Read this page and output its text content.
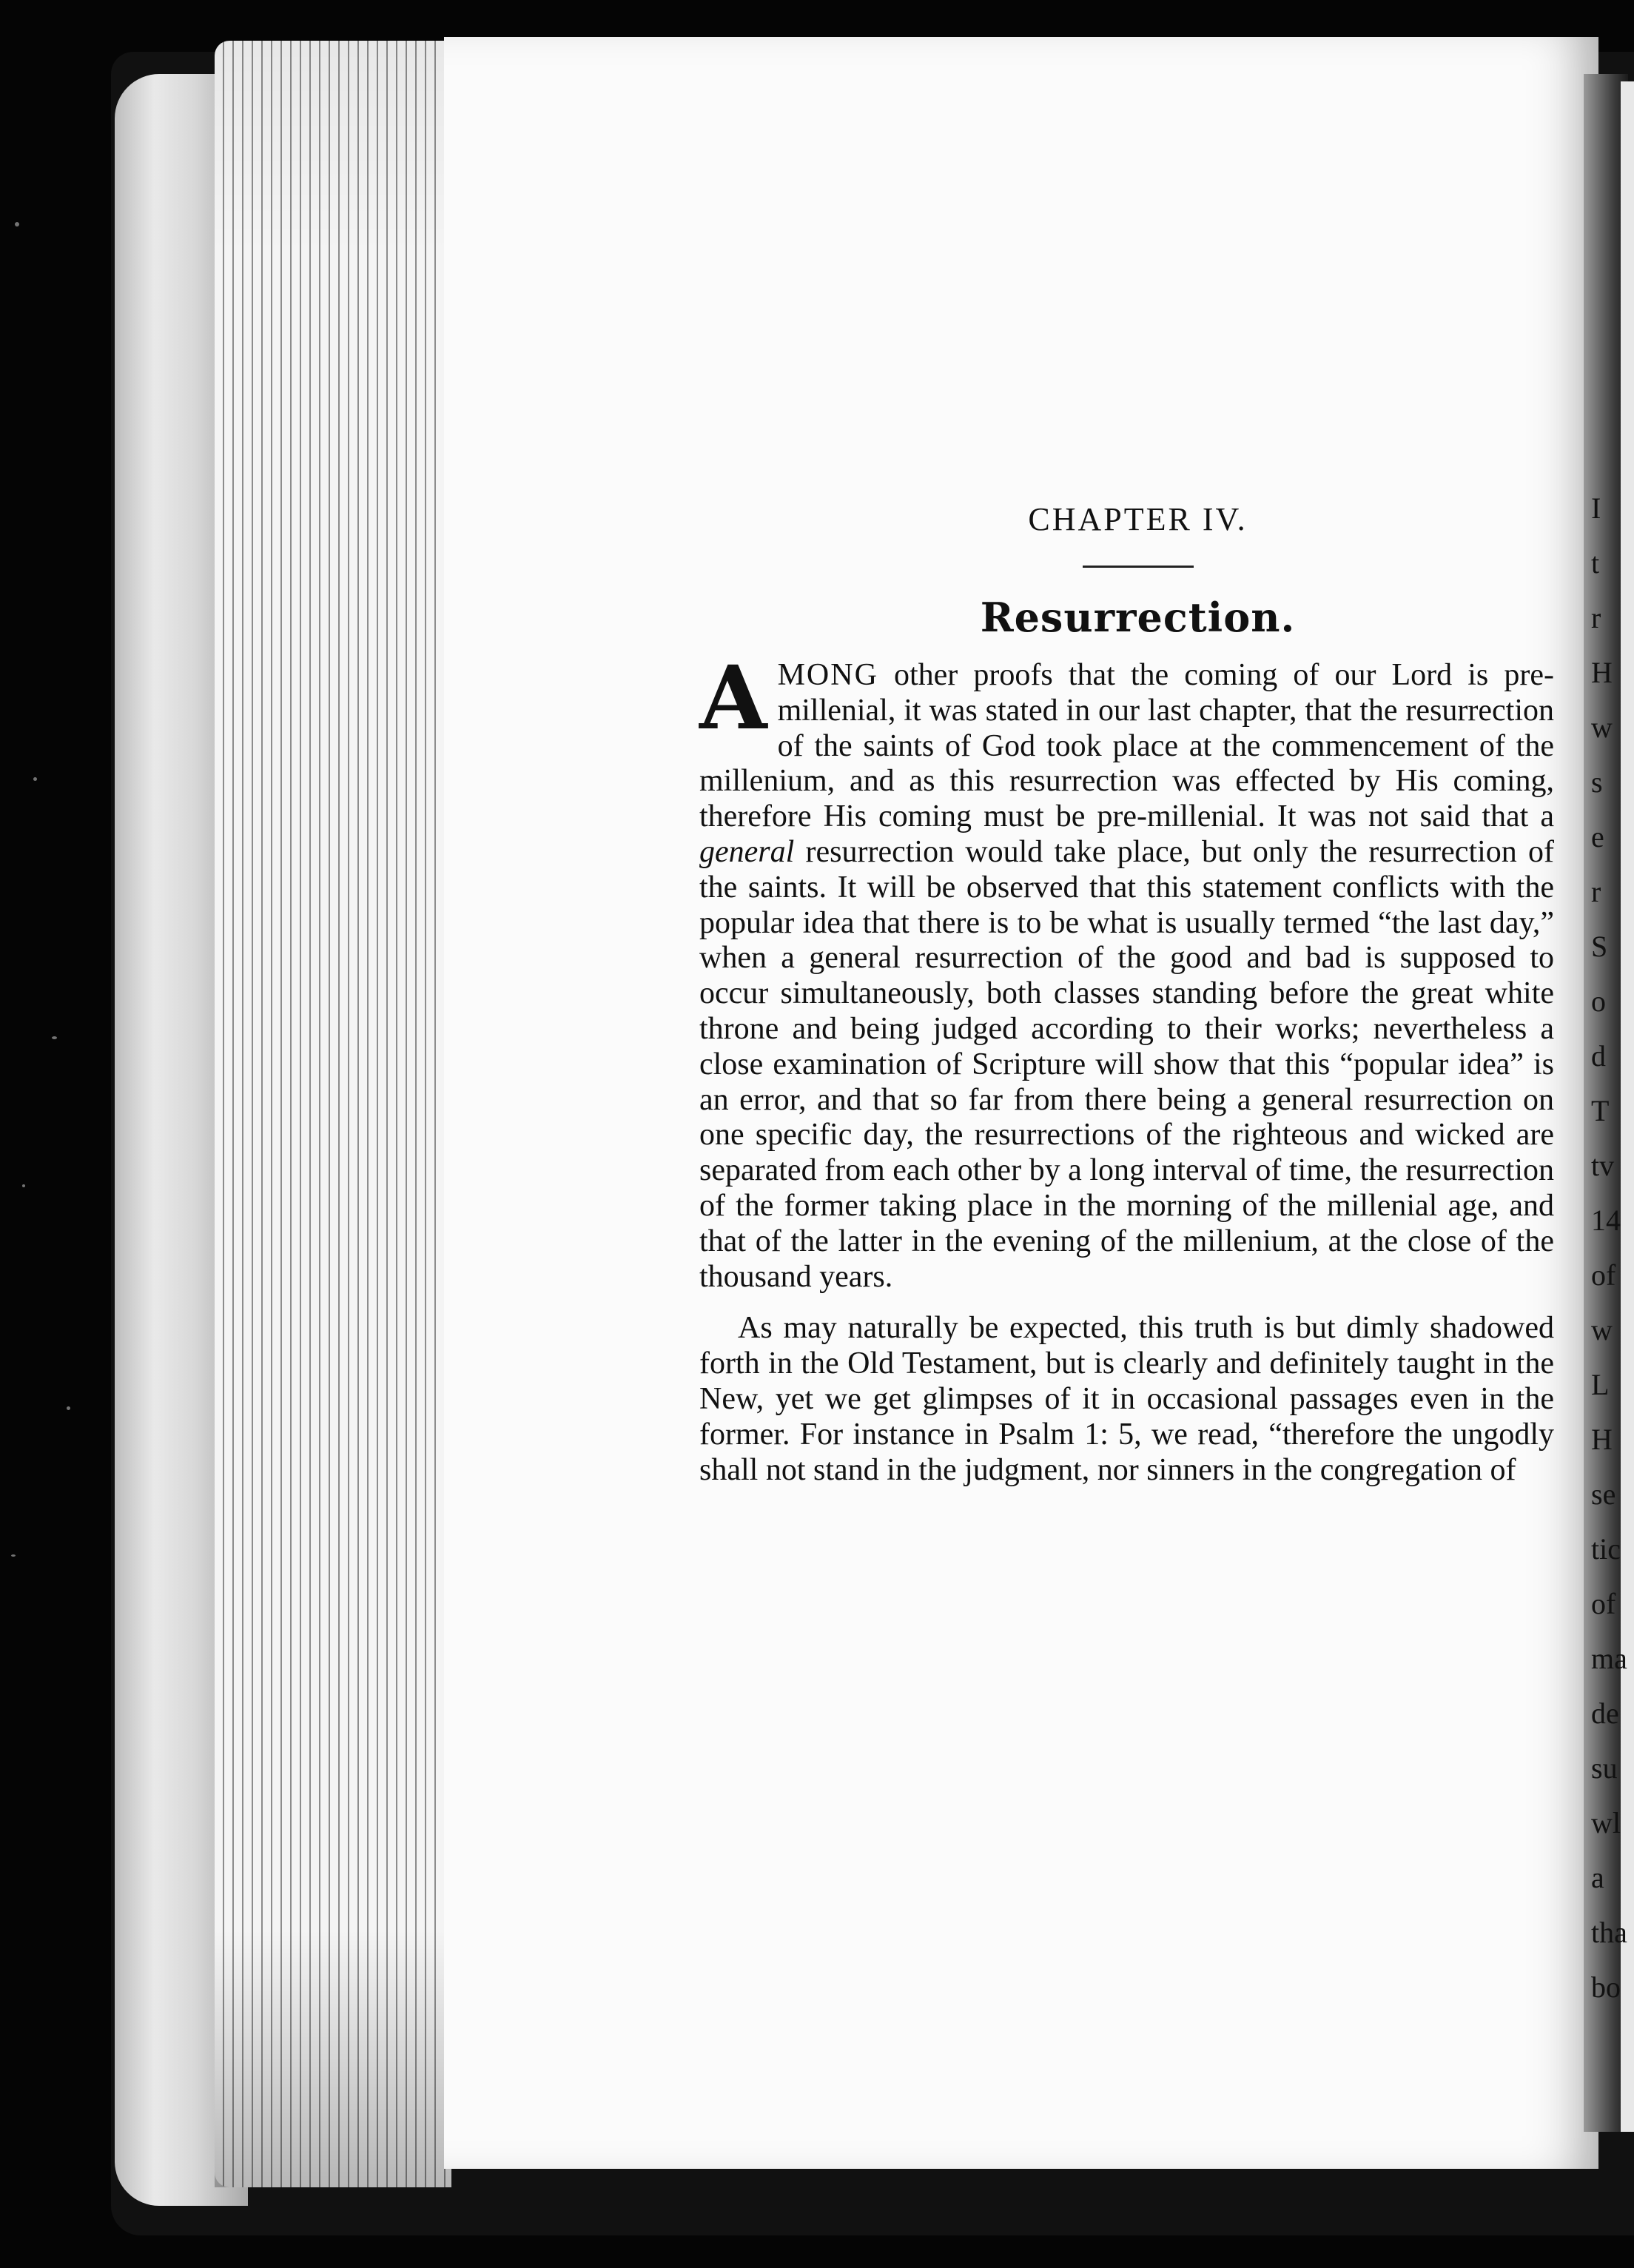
CHAPTER IV.
Resurrection.

AMONG other proofs that the coming of our Lord is pre-millenial, it was stated in our last chapter, that the resurrection of the saints of God took place at the commencement of the millenium, and as this resurrection was effected by His coming, therefore His coming must be pre-millenial. It was not said that a general resurrection would take place, but only the resurrection of the saints. It will be observed that this statement conflicts with the popular idea that there is to be what is usually termed “the last day,” when a general resurrection of the good and bad is supposed to occur simultaneously, both classes standing before the great white throne and being judged according to their works; nevertheless a close examination of Scripture will show that this “popular idea” is an error, and that so far from there being a general resurrection on one specific day, the resurrections of the righteous and wicked are separated from each other by a long interval of time, the resurrection of the former taking place in the morning of the millenial age, and that of the latter in the evening of the millenium, at the close of the thousand years.

As may naturally be expected, this truth is but dimly shadowed forth in the Old Testament, but is clearly and definitely taught in the New, yet we get glimpses of it in occasional passages even in the former. For instance in Psalm 1: 5, we read, “therefore the ungodly shall not stand in the judgment, nor sinners in the congregation of

I
t
r
H
w
s
e
r
S
o
d
T
tv
14
of
w
L
H
se
tic
of
ma
de
su
wl
a
tha
bo
